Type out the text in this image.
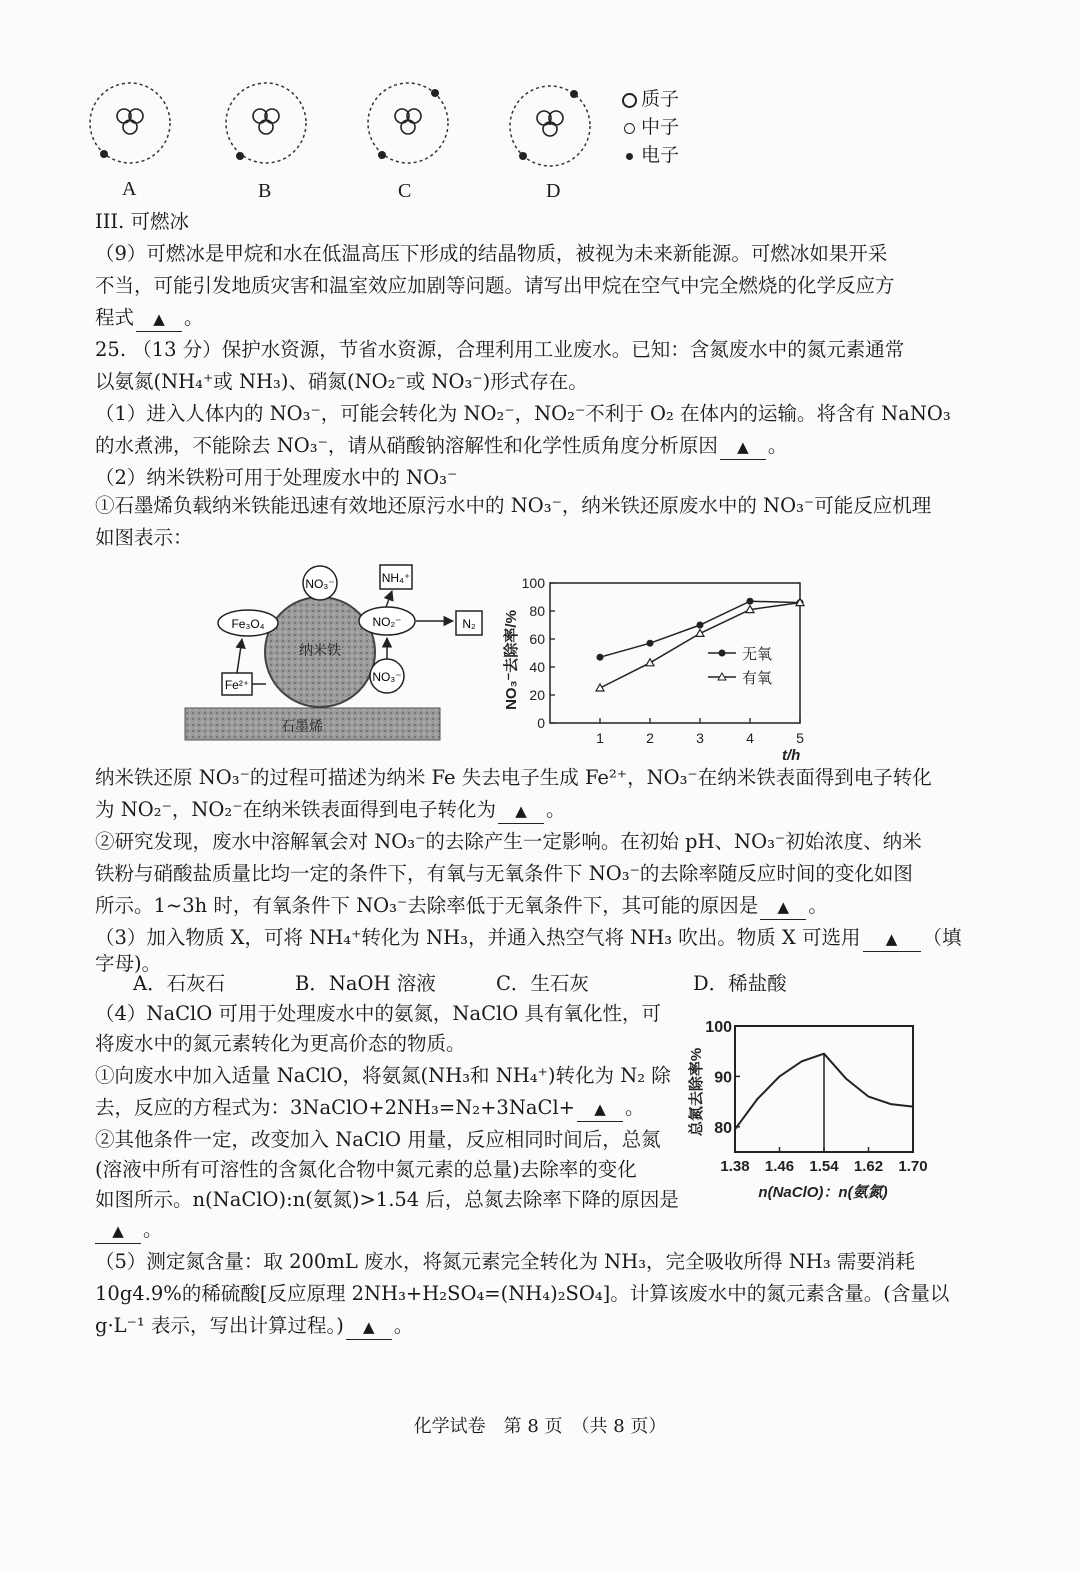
A	B	C	D
质子
中子
电子
III. 可燃冰
（9）可燃冰是甲烷和水在低温高压下形成的结晶物质，被视为未来新能源。可燃冰如果开采
不当，可能引发地质灾害和温室效应加剧等问题。请写出甲烷在空气中完全燃烧的化学反应方
程式 ▲ 。
25. （13 分）保护水资源，节省水资源，合理利用工业废水。已知：含氮废水中的氮元素通常
以氨氮(NH₄⁺或 NH₃)、硝氮(NO₂⁻或 NO₃⁻)形式存在。
（1）进入人体内的 NO₃⁻，可能会转化为 NO₂⁻，NO₂⁻不利于 O₂ 在体内的运输。将含有 NaNO₃
的水煮沸，不能除去 NO₃⁻，请从硝酸钠溶解性和化学性质角度分析原因 ▲ 。
（2）纳米铁粉可用于处理废水中的 NO₃⁻
①石墨烯负载纳米铁能迅速有效地还原污水中的 NO₃⁻，纳米铁还原废水中的 NO₃⁻可能反应机理
如图表示：
石墨烯
纳米铁
NO₃⁻	NH₄⁺
Fe₃O₄	NO₂⁻	N₂
NO₃⁻
Fe²⁺
0
20
40
60
80
100
1	2	3	4	5
无氧
有氧
NO₃⁻去除率/%
t/h
纳米铁还原 NO₃⁻的过程可描述为纳米 Fe 失去电子生成 Fe²⁺，NO₃⁻在纳米铁表面得到电子转化
为 NO₂⁻，NO₂⁻在纳米铁表面得到电子转化为 ▲ 。
②研究发现，废水中溶解氧会对 NO₃⁻的去除产生一定影响。在初始 pH、NO₃⁻初始浓度、纳米
铁粉与硝酸盐质量比均一定的条件下，有氧与无氧条件下 NO₃⁻的去除率随反应时间的变化如图
所示。1~3h 时，有氧条件下 NO₃⁻去除率低于无氧条件下，其可能的原因是 ▲ 。
（3）加入物质 X，可将 NH₄⁺转化为 NH₃，并通入热空气将 NH₃ 吹出。物质 X 可选用 ▲ （填
字母)。
A．石灰石	B．NaOH 溶液	C．生石灰	D．稀盐酸
（4）NaClO 可用于处理废水中的氨氮，NaClO 具有氧化性，可
将废水中的氮元素转化为更高价态的物质。
①向废水中加入适量 NaClO，将氨氮(NH₃和 NH₄⁺)转化为 N₂ 除
去，反应的方程式为：3NaClO+2NH₃=N₂+3NaCl+ ▲ 。
②其他条件一定，改变加入 NaClO 用量，反应相同时间后，总氮
(溶液中所有可溶性的含氮化合物中氮元素的总量)去除率的变化
如图所示。n(NaClO):n(氨氮)>1.54 后，总氮去除率下降的原因是
▲ 。
80
90
100
1.38 1.46 1.54 1.62 1.70
总氮去除率%
n(NaClO)：n(氨氮)
（5）测定氮含量：取 200mL 废水，将氮元素完全转化为 NH₃，完全吸收所得 NH₃ 需要消耗
10g4.9%的稀硫酸[反应原理 2NH₃+H₂SO₄=(NH₄)₂SO₄]。计算该废水中的氮元素含量。(含量以
g·L⁻¹ 表示，写出计算过程。) ▲ 。
化学试卷　第 8 页　（共 8 页）
